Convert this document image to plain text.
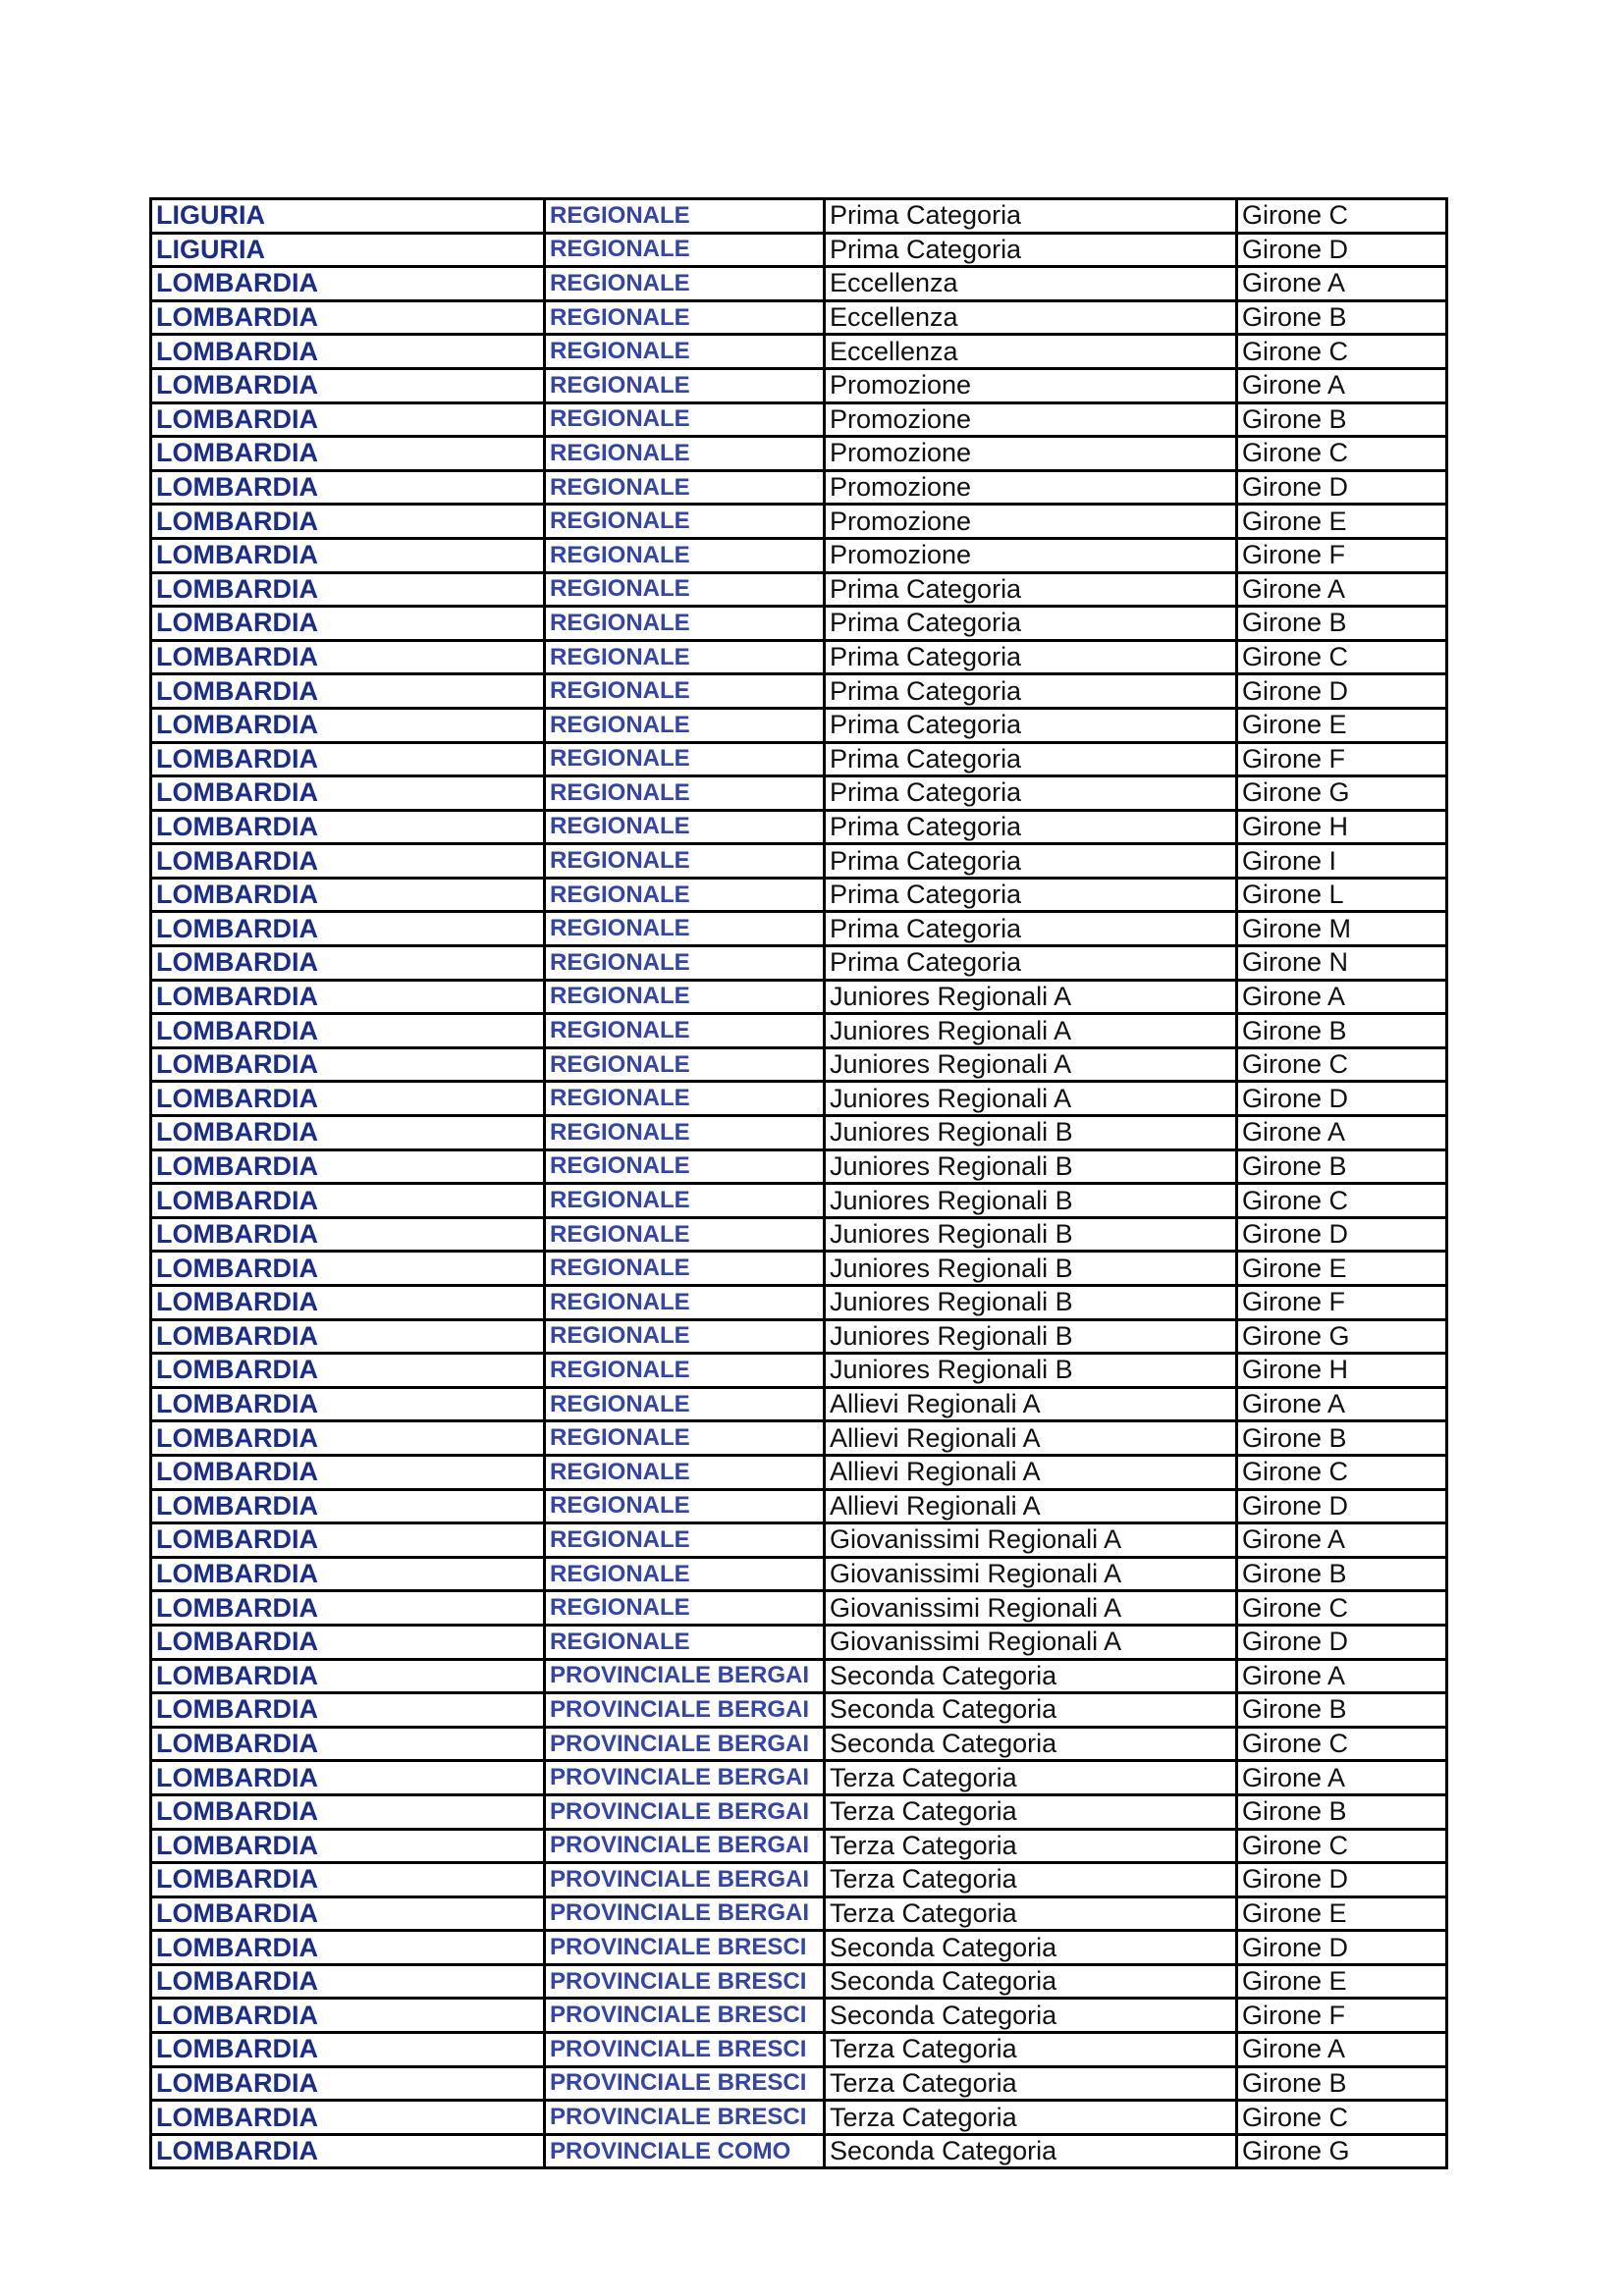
LIGURIA	REGIONALE	Prima Categoria	Girone C
LIGURIA	REGIONALE	Prima Categoria	Girone D
LOMBARDIA	REGIONALE	Eccellenza	Girone A
LOMBARDIA	REGIONALE	Eccellenza	Girone B
LOMBARDIA	REGIONALE	Eccellenza	Girone C
LOMBARDIA	REGIONALE	Promozione	Girone A
LOMBARDIA	REGIONALE	Promozione	Girone B
LOMBARDIA	REGIONALE	Promozione	Girone C
LOMBARDIA	REGIONALE	Promozione	Girone D
LOMBARDIA	REGIONALE	Promozione	Girone E
LOMBARDIA	REGIONALE	Promozione	Girone F
LOMBARDIA	REGIONALE	Prima Categoria	Girone A
LOMBARDIA	REGIONALE	Prima Categoria	Girone B
LOMBARDIA	REGIONALE	Prima Categoria	Girone C
LOMBARDIA	REGIONALE	Prima Categoria	Girone D
LOMBARDIA	REGIONALE	Prima Categoria	Girone E
LOMBARDIA	REGIONALE	Prima Categoria	Girone F
LOMBARDIA	REGIONALE	Prima Categoria	Girone G
LOMBARDIA	REGIONALE	Prima Categoria	Girone H
LOMBARDIA	REGIONALE	Prima Categoria	Girone I
LOMBARDIA	REGIONALE	Prima Categoria	Girone L
LOMBARDIA	REGIONALE	Prima Categoria	Girone M
LOMBARDIA	REGIONALE	Prima Categoria	Girone N
LOMBARDIA	REGIONALE	Juniores Regionali A	Girone A
LOMBARDIA	REGIONALE	Juniores Regionali A	Girone B
LOMBARDIA	REGIONALE	Juniores Regionali A	Girone C
LOMBARDIA	REGIONALE	Juniores Regionali A	Girone D
LOMBARDIA	REGIONALE	Juniores Regionali B	Girone A
LOMBARDIA	REGIONALE	Juniores Regionali B	Girone B
LOMBARDIA	REGIONALE	Juniores Regionali B	Girone C
LOMBARDIA	REGIONALE	Juniores Regionali B	Girone D
LOMBARDIA	REGIONALE	Juniores Regionali B	Girone E
LOMBARDIA	REGIONALE	Juniores Regionali B	Girone F
LOMBARDIA	REGIONALE	Juniores Regionali B	Girone G
LOMBARDIA	REGIONALE	Juniores Regionali B	Girone H
LOMBARDIA	REGIONALE	Allievi Regionali A	Girone A
LOMBARDIA	REGIONALE	Allievi Regionali A	Girone B
LOMBARDIA	REGIONALE	Allievi Regionali A	Girone C
LOMBARDIA	REGIONALE	Allievi Regionali A	Girone D
LOMBARDIA	REGIONALE	Giovanissimi Regionali A	Girone A
LOMBARDIA	REGIONALE	Giovanissimi Regionali A	Girone B
LOMBARDIA	REGIONALE	Giovanissimi Regionali A	Girone C
LOMBARDIA	REGIONALE	Giovanissimi Regionali A	Girone D
LOMBARDIA	PROVINCIALE BERGAI	Seconda Categoria	Girone A
LOMBARDIA	PROVINCIALE BERGAI	Seconda Categoria	Girone B
LOMBARDIA	PROVINCIALE BERGAI	Seconda Categoria	Girone C
LOMBARDIA	PROVINCIALE BERGAI	Terza Categoria	Girone A
LOMBARDIA	PROVINCIALE BERGAI	Terza Categoria	Girone B
LOMBARDIA	PROVINCIALE BERGAI	Terza Categoria	Girone C
LOMBARDIA	PROVINCIALE BERGAI	Terza Categoria	Girone D
LOMBARDIA	PROVINCIALE BERGAI	Terza Categoria	Girone E
LOMBARDIA	PROVINCIALE BRESCI	Seconda Categoria	Girone D
LOMBARDIA	PROVINCIALE BRESCI	Seconda Categoria	Girone E
LOMBARDIA	PROVINCIALE BRESCI	Seconda Categoria	Girone F
LOMBARDIA	PROVINCIALE BRESCI	Terza Categoria	Girone A
LOMBARDIA	PROVINCIALE BRESCI	Terza Categoria	Girone B
LOMBARDIA	PROVINCIALE BRESCI	Terza Categoria	Girone C
LOMBARDIA	PROVINCIALE COMO	Seconda Categoria	Girone G
